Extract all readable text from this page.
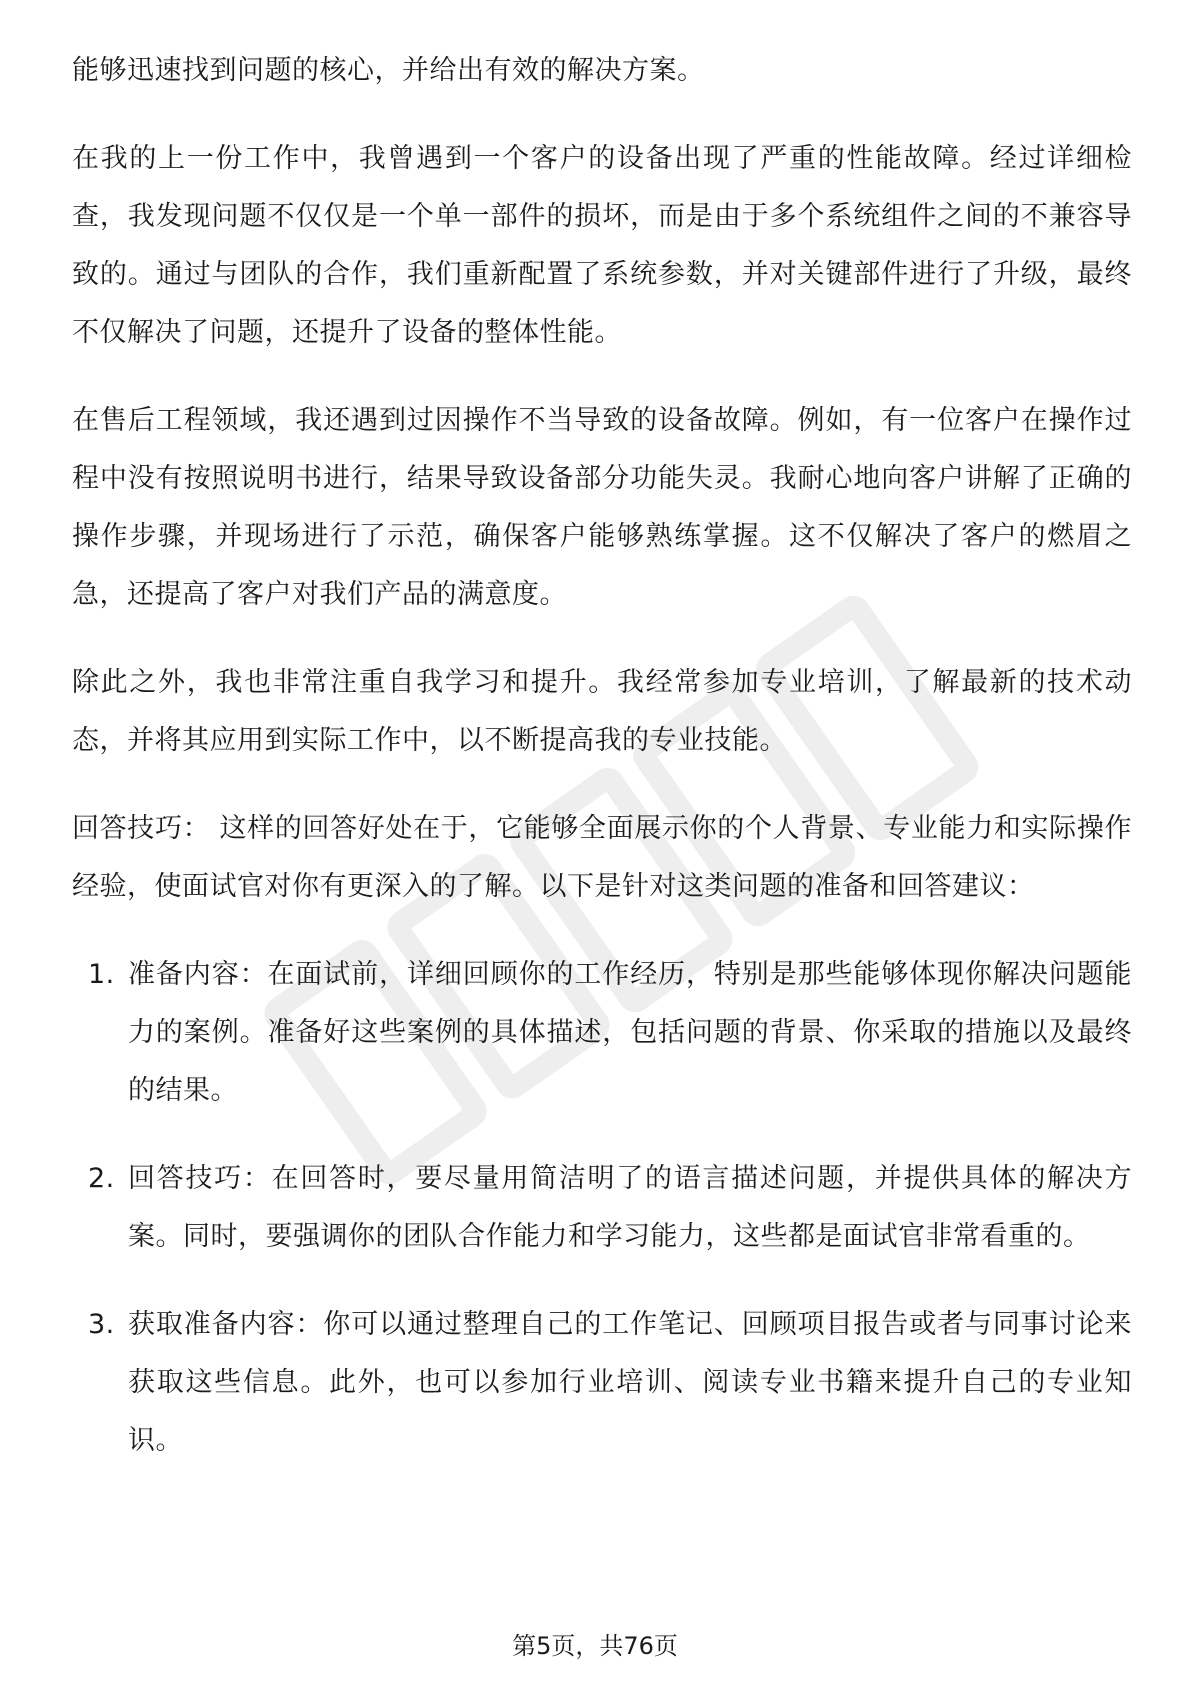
能够迅速找到问题的核心，并给出有效的解决方案。

在我的上一份工作中，我曾遇到一个客户的设备出现了严重的性能故障。经过详细检查，我发现问题不仅仅是一个单一部件的损坏，而是由于多个系统组件之间的不兼容导致的。通过与团队的合作，我们重新配置了系统参数，并对关键部件进行了升级，最终不仅解决了问题，还提升了设备的整体性能。

在售后工程领域，我还遇到过因操作不当导致的设备故障。例如，有一位客户在操作过程中没有按照说明书进行，结果导致设备部分功能失灵。我耐心地向客户讲解了正确的操作步骤，并现场进行了示范，确保客户能够熟练掌握。这不仅解决了客户的燃眉之急，还提高了客户对我们产品的满意度。

除此之外，我也非常注重自我学习和提升。我经常参加专业培训，了解最新的技术动态，并将其应用到实际工作中，以不断提高我的专业技能。

回答技巧： 这样的回答好处在于，它能够全面展示你的个人背景、专业能力和实际操作经验，使面试官对你有更深入的了解。以下是针对这类问题的准备和回答建议：

1. 准备内容：在面试前，详细回顾你的工作经历，特别是那些能够体现你解决问题能力的案例。准备好这些案例的具体描述，包括问题的背景、你采取的措施以及最终的结果。
2. 回答技巧：在回答时，要尽量用简洁明了的语言描述问题，并提供具体的解决方案。同时，要强调你的团队合作能力和学习能力，这些都是面试官非常看重的。
3. 获取准备内容：你可以通过整理自己的工作笔记、回顾项目报告或者与同事讨论来获取这些信息。此外，也可以参加行业培训、阅读专业书籍来提升自己的专业知识。
第5页，共76页
